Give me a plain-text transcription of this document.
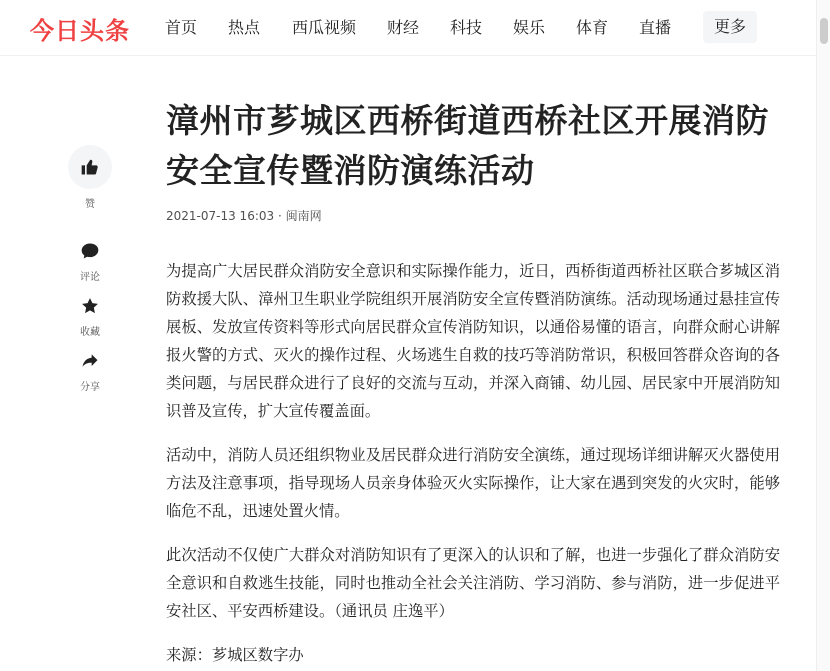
今日头条 首页	热点	西瓜视频	财经	科技	娱乐	体育	直播	更多
赞
评论
收藏
分享
漳州市芗城区西桥街道西桥社区开展消防安全宣传暨消防演练活动
2021-07-13 16:03 · 闽南网

为提高广大居民群众消防安全意识和实际操作能力，近日，西桥街道西桥社区联合芗城区消防救援大队、漳州卫生职业学院组织开展消防安全宣传暨消防演练。活动现场通过悬挂宣传展板、发放宣传资料等形式向居民群众宣传消防知识，以通俗易懂的语言，向群众耐心讲解报火警的方式、灭火的操作过程、火场逃生自救的技巧等消防常识，积极回答群众咨询的各类问题，与居民群众进行了良好的交流与互动，并深入商铺、幼儿园、居民家中开展消防知识普及宣传，扩大宣传覆盖面。

活动中，消防人员还组织物业及居民群众进行消防安全演练，通过现场详细讲解灭火器使用方法及注意事项，指导现场人员亲身体验灭火实际操作，让大家在遇到突发的火灾时，能够临危不乱，迅速处置火情。

此次活动不仅使广大群众对消防知识有了更深入的认识和了解，也进一步强化了群众消防安全意识和自救逃生技能，同时也推动全社会关注消防、学习消防、参与消防，进一步促进平安社区、平安西桥建设。（通讯员 庄逸平）

来源：芗城区数字办
